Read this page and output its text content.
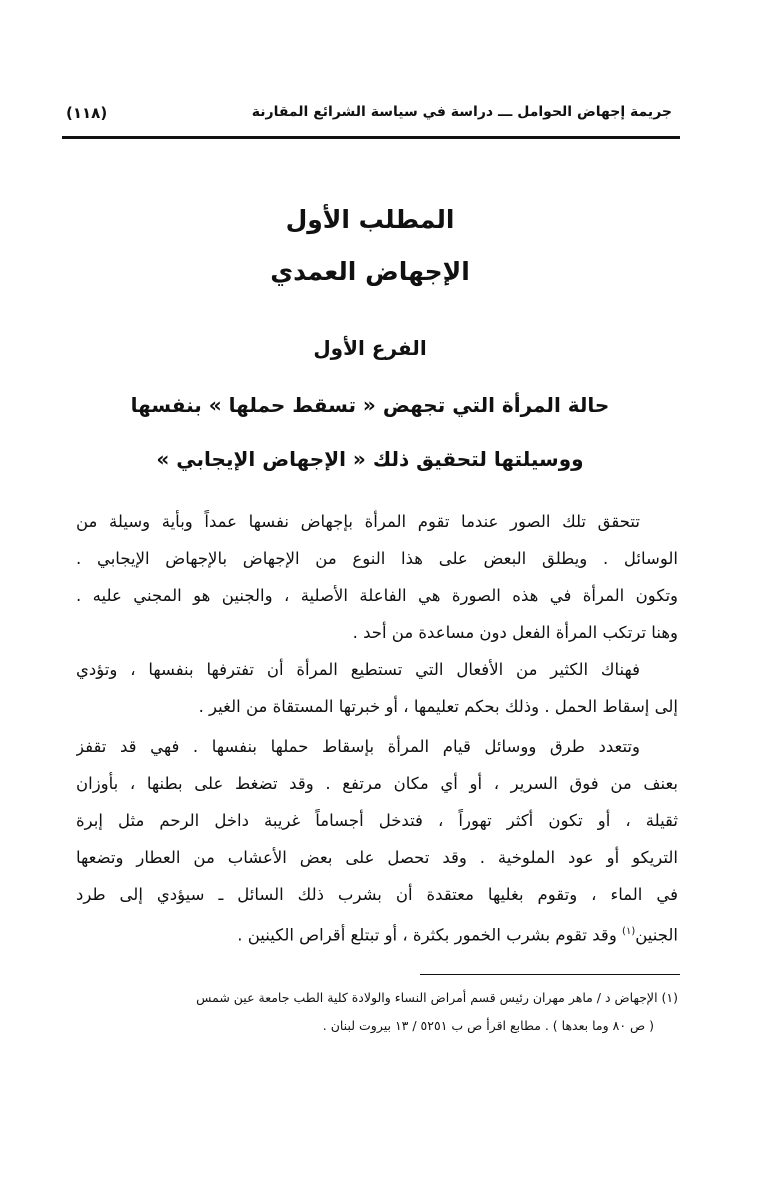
جريمة إجهاض الحوامل ـــ دراسة في سياسة الشرائع المقارنة
(١١٨)
المطلب الأول
الإجهاض العمدي
الفرع الأول
حالة المرأة التي تجهض « تسقط حملها » بنفسها
ووسيلتها لتحقيق ذلك « الإجهاض الإيجابي »
تتحقق تلك الصور عندما تقوم المرأة بإجهاض نفسها عمداً وبأية وسيلة من
الوسائل . ويطلق البعض على هذا النوع من الإجهاض بالإجهاض الإيجابي .
وتكون المرأة في هذه الصورة هي الفاعلة الأصلية ، والجنين هو المجني عليه .
وهنا ترتكب المرأة الفعل دون مساعدة من أحد .
فهناك الكثير من الأفعال التي تستطيع المرأة أن تفترفها بنفسها ، وتؤدي
إلى إسقاط الحمل . وذلك بحكم تعليمها ، أو خبرتها المستقاة من الغير .
وتتعدد طرق ووسائل قيام المرأة بإسقاط حملها بنفسها . فهي قد تقفز
بعنف من فوق السرير ، أو أي مكان مرتفع . وقد تضغط على بطنها ، بأوزان
ثقيلة ، أو تكون أكثر تهوراً ، فتدخل أجساماً غريبة داخل الرحم مثل إبرة
التريكو أو عود الملوخية . وقد تحصل على بعض الأعشاب من العطار وتضعها
في الماء ، وتقوم بغليها معتقدة أن بشرب ذلك السائل ـ سيؤدي إلى طرد
الجنين$^{(١)}$ وقد تقوم بشرب الخمور بكثرة ، أو تبتلع أقراص الكينين .
(١) الإجهاض د / ماهر مهران رئيس قسم أمراض النساء والولادة كلية الطب جامعة عين شمس
( ص ٨٠ وما بعدها ) . مطابع اقرأ ص ب ٥٢٥١ / ١٣ بيروت لبنان .
